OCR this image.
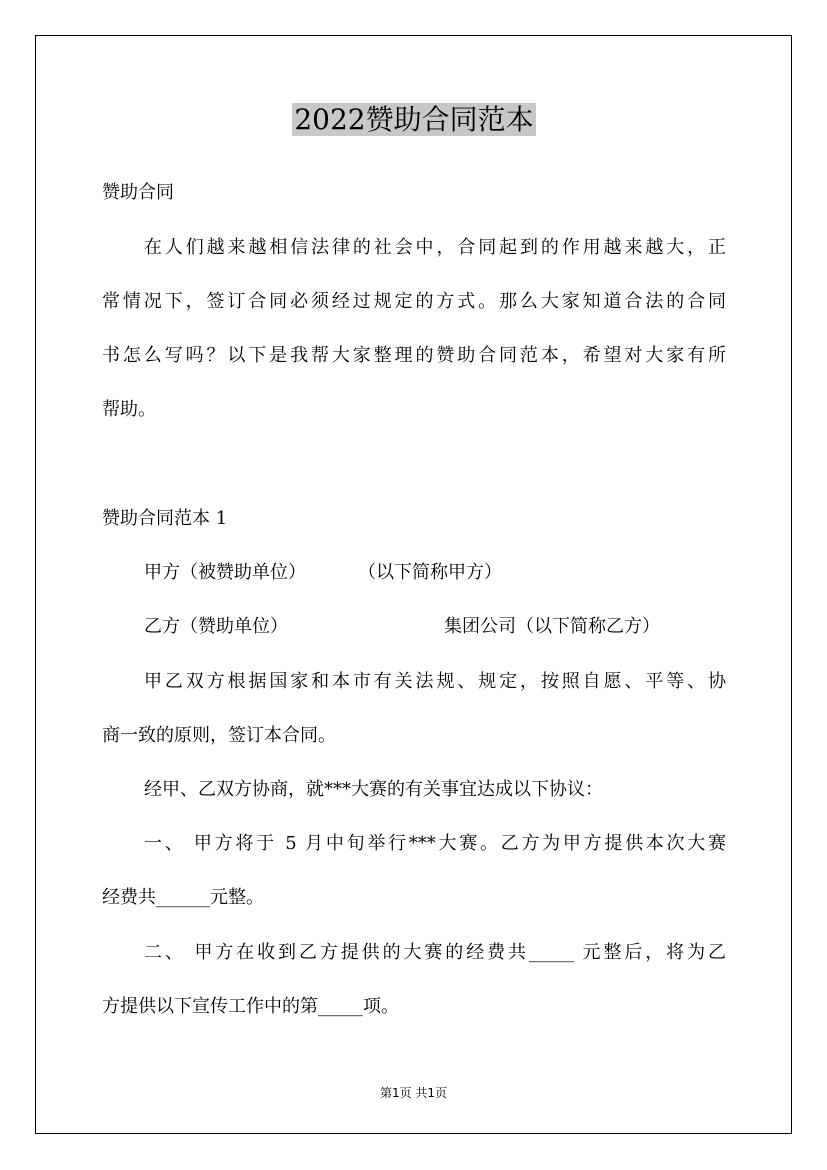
2022赞助合同范本
赞助合同
在人们越来越相信法律的社会中，合同起到的作用越来越大，正
常情况下，签订合同必须经过规定的方式。那么大家知道合法的合同
书怎么写吗？以下是我帮大家整理的赞助合同范本，希望对大家有所
帮助。
赞助合同范本 1
甲方（被赞助单位）	（以下简称甲方）
乙方（赞助单位）	集团公司（以下简称乙方）
甲乙双方根据国家和本市有关法规、规定，按照自愿、平等、协
商一致的原则，签订本合同。
经甲、乙双方协商，就***大赛的有关事宜达成以下协议：
一、 甲方将于 5 月中旬举行***大赛。乙方为甲方提供本次大赛
经费共______元整。
二、 甲方在收到乙方提供的大赛的经费共_____ 元整后，将为乙
方提供以下宣传工作中的第_____项。
第1页 共1页
